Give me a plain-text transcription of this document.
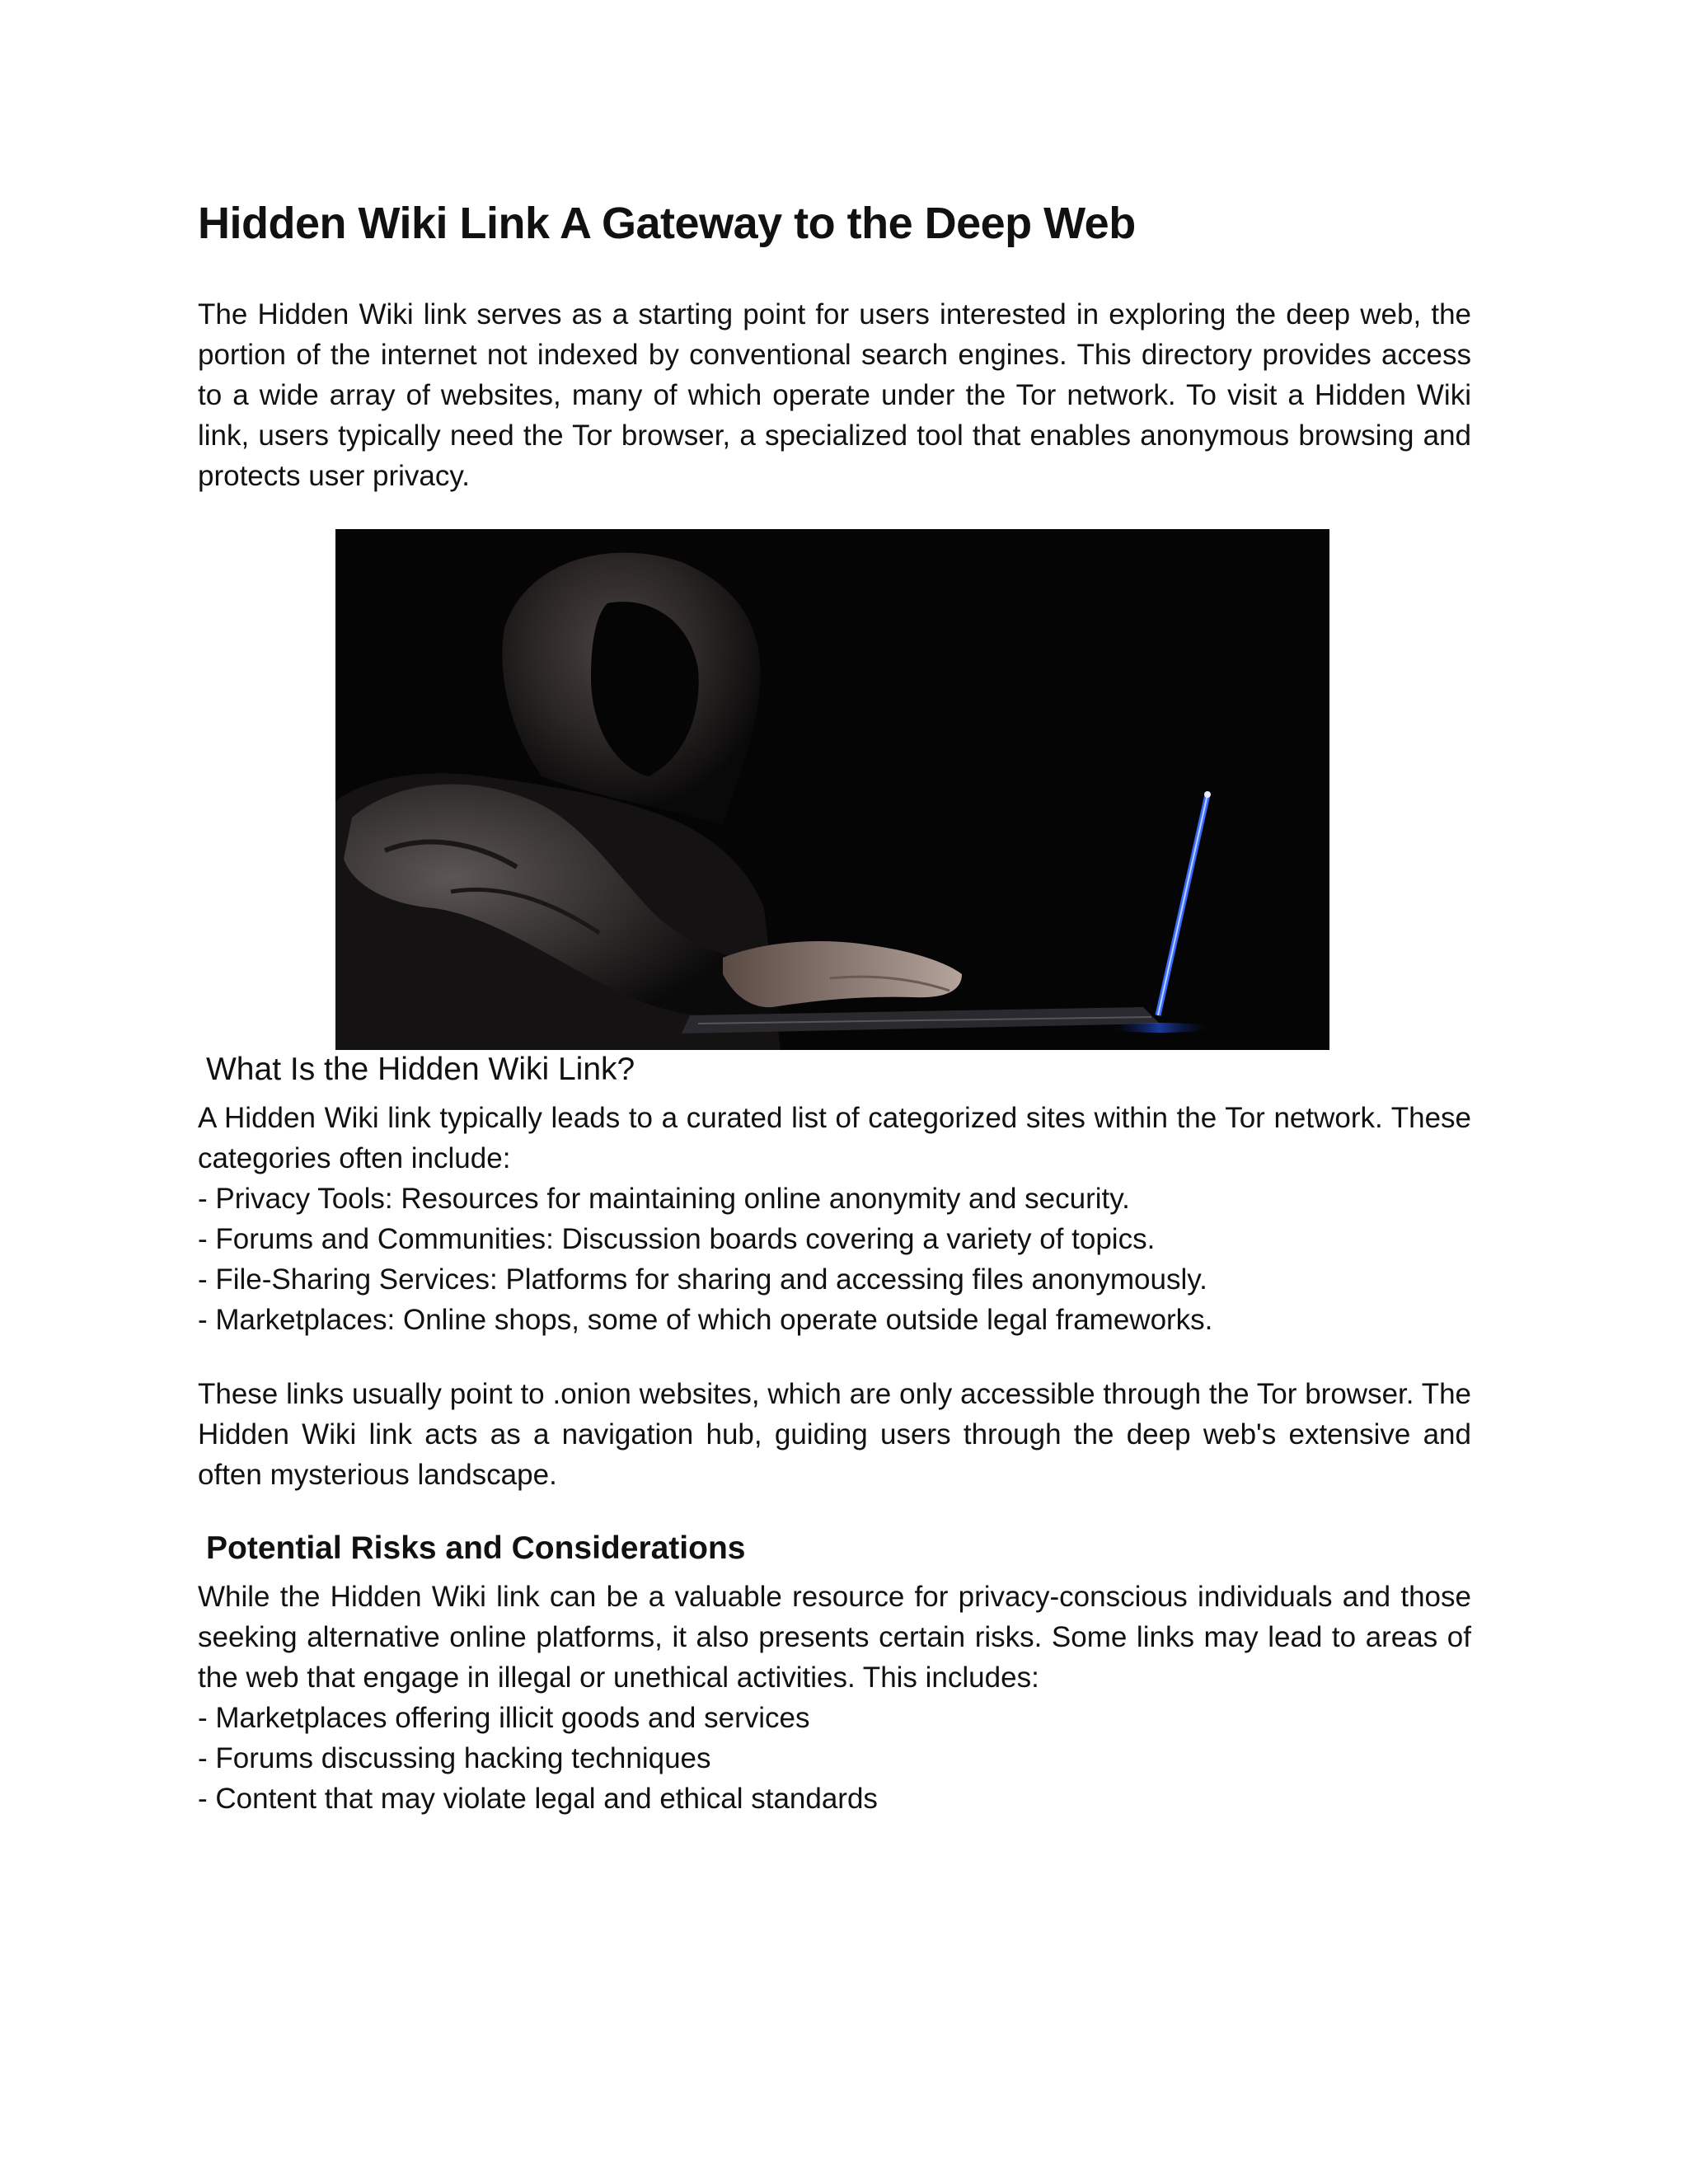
Hidden Wiki Link A Gateway to the Deep Web

The Hidden Wiki link serves as a starting point for users interested in exploring the deep web, the portion of the internet not indexed by conventional search engines. This directory provides access to a wide array of websites, many of which operate under the Tor network. To visit a Hidden Wiki link, users typically need the Tor browser, a specialized tool that enables anonymous browsing and protects user privacy.

What Is the Hidden Wiki Link?

A Hidden Wiki link typically leads to a curated list of categorized sites within the Tor network. These categories often include:

- Privacy Tools: Resources for maintaining online anonymity and security.
- Forums and Communities: Discussion boards covering a variety of topics.
- File-Sharing Services: Platforms for sharing and accessing files anonymously.
- Marketplaces: Online shops, some of which operate outside legal frameworks.

These links usually point to .onion websites, which are only accessible through the Tor browser. The Hidden Wiki link acts as a navigation hub, guiding users through the deep web's extensive and often mysterious landscape.

Potential Risks and Considerations

While the Hidden Wiki link can be a valuable resource for privacy-conscious individuals and those seeking alternative online platforms, it also presents certain risks. Some links may lead to areas of the web that engage in illegal or unethical activities. This includes:

- Marketplaces offering illicit goods and services
- Forums discussing hacking techniques
- Content that may violate legal and ethical standards
